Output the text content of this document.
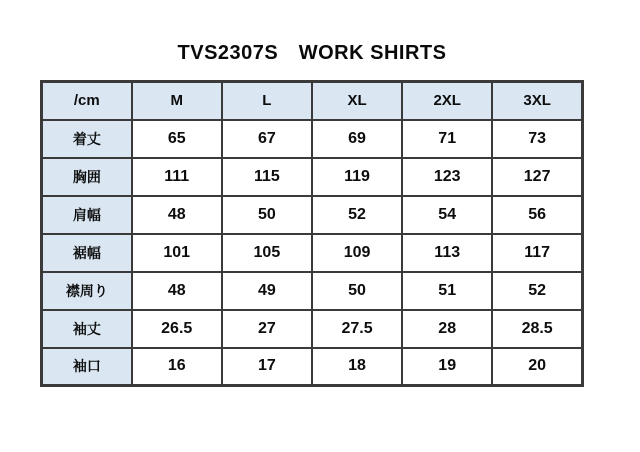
TVS2307S　WORK SHIRTS
/cm	M	L	XL	2XL	3XL
着丈	65	67	69	71	73
胸囲	111	115	119	123	127
肩幅	48	50	52	54	56
裾幅	101	105	109	113	117
襟周り	48	49	50	51	52
袖丈	26.5	27	27.5	28	28.5
袖口	16	17	18	19	20
